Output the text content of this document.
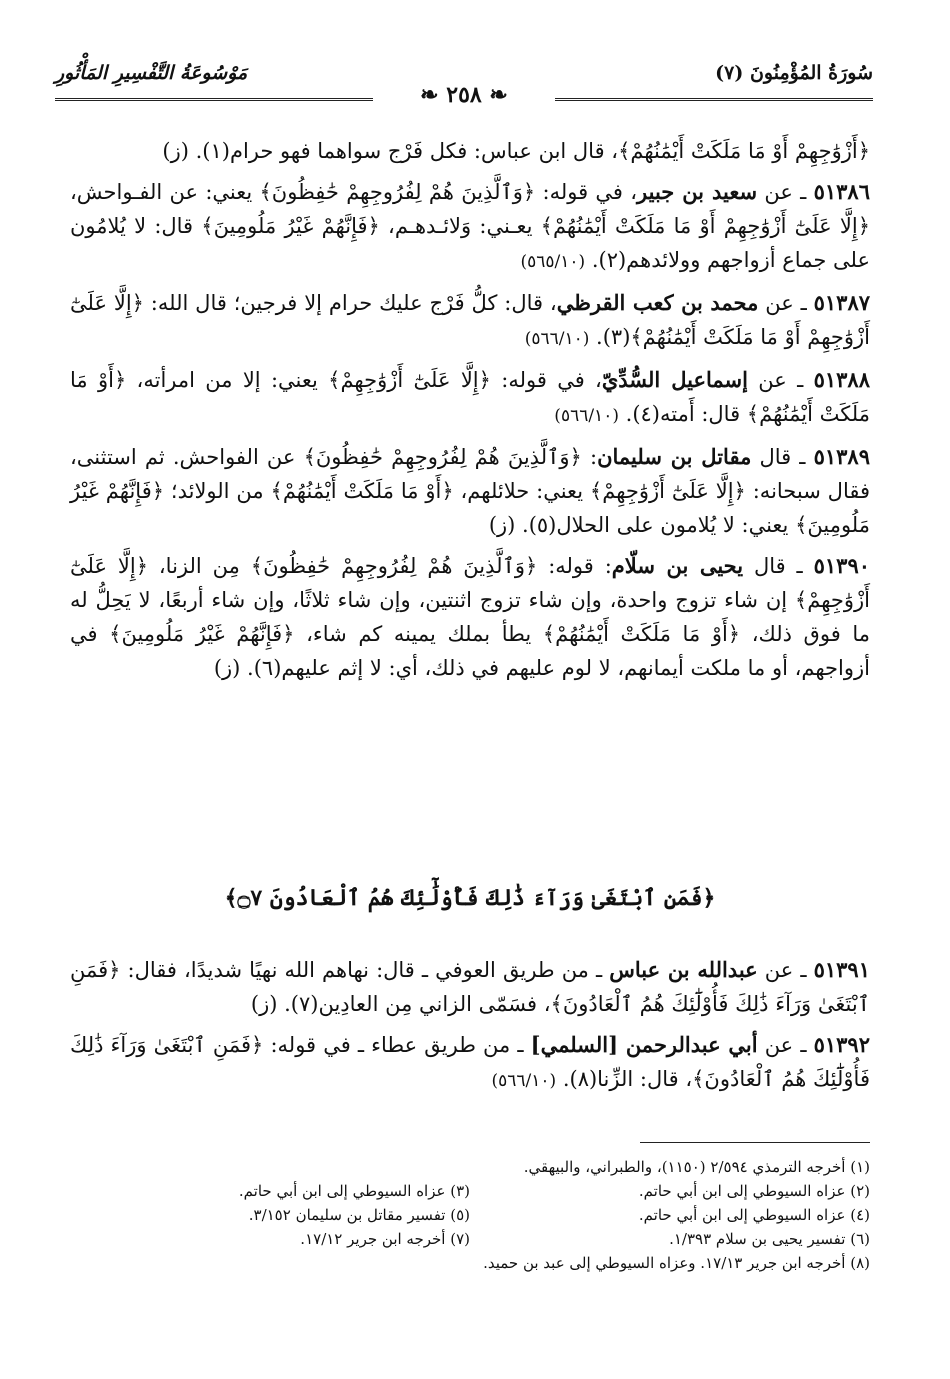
سُورَةُ المُؤْمِنُونَ (٧)
مَوْسُوعَةُ التَّفْسِيرِ المَأْثُورِ
❧ ٢٥٨ ❧

﴿أَزْوَٰجِهِمْ أَوْ مَا مَلَكَتْ أَيْمَٰنُهُمْ﴾، قال ابن عباس: فكل فَرْج سواهما فهو حرام(١). (ز)

٥١٣٨٦ ـ عن سعيد بن جبير، في قوله: ﴿وَٱلَّذِينَ هُمْ لِفُرُوجِهِمْ حَٰفِظُونَ﴾ يعني: عن الفـواحش، ﴿إِلَّا عَلَىٰٓ أَزْوَٰجِهِمْ أَوْ مَا مَلَكَتْ أَيْمَٰنُهُمْ﴾ يعـني: وَلائـدهـم، ﴿فَإِنَّهُمْ غَيْرُ مَلُومِينَ﴾ قال: لا يُلامُون على جماع أزواجهم وولائدهم(٢). (٥٦٥/١٠)

٥١٣٨٧ ـ عن محمد بن كعب القرظي، قال: كلُّ فَرْج عليك حرام إلا فرجين؛ قال الله: ﴿إِلَّا عَلَىٰٓ أَزْوَٰجِهِمْ أَوْ مَا مَلَكَتْ أَيْمَٰنُهُمْ﴾(٣). (٥٦٦/١٠)

٥١٣٨٨ ـ عن إسماعيل السُّدِّيّ، في قوله: ﴿إِلَّا عَلَىٰٓ أَزْوَٰجِهِمْ﴾ يعني: إلا من امرأته، ﴿أَوْ مَا مَلَكَتْ أَيْمَٰنُهُمْ﴾ قال: أَمته(٤). (٥٦٦/١٠)

٥١٣٨٩ ـ قال مقاتل بن سليمان: ﴿وَٱلَّذِينَ هُمْ لِفُرُوجِهِمْ حَٰفِظُونَ﴾ عن الفواحش. ثم استثنى، فقال سبحانه: ﴿إِلَّا عَلَىٰٓ أَزْوَٰجِهِمْ﴾ يعني: حلائلهم، ﴿أَوْ مَا مَلَكَتْ أَيْمَٰنُهُمْ﴾ من الولائد؛ ﴿فَإِنَّهُمْ غَيْرُ مَلُومِينَ﴾ يعني: لا يُلامون على الحلال(٥). (ز)

٥١٣٩٠ ـ قال يحيى بن سلّام: قوله: ﴿وَٱلَّذِينَ هُمْ لِفُرُوجِهِمْ حَٰفِظُونَ﴾ مِن الزنا، ﴿إِلَّا عَلَىٰٓ أَزْوَٰجِهِمْ﴾ إن شاء تزوج واحدة، وإن شاء تزوج اثنتين، وإن شاء ثلاثًا، وإن شاء أربعًا، لا يَحِلُّ له ما فوق ذلك، ﴿أَوْ مَا مَلَكَتْ أَيْمَٰنُهُمْ﴾ يطأ بملك يمينه كم شاء، ﴿فَإِنَّهُمْ غَيْرُ مَلُومِينَ﴾ في أزواجهم، أو ما ملكت أيمانهم، لا لوم عليهم في ذلك، أي: لا إثم عليهم(٦). (ز)

﴿فَمَنِ ٱبْتَغَىٰ وَرَآءَ ذَٰلِكَ فَأُوْلَٰٓئِكَ هُمُ ٱلْعَادُونَ ۝٧﴾

٥١٣٩١ ـ عن عبدالله بن عباس ـ من طريق العوفي ـ قال: نهاهم الله نهيًا شديدًا، فقال: ﴿فَمَنِ ٱبْتَغَىٰ وَرَآءَ ذَٰلِكَ فَأُوْلَٰٓئِكَ هُمُ ٱلْعَادُونَ﴾، فسَمّى الزاني مِن العادِين(٧). (ز)

٥١٣٩٢ ـ عن أبي عبدالرحمن [السلمي] ـ من طريق عطاء ـ في قوله: ﴿فَمَنِ ٱبْتَغَىٰ وَرَآءَ ذَٰلِكَ فَأُوْلَٰٓئِكَ هُمُ ٱلْعَادُونَ﴾، قال: الزِّنا(٨). (٥٦٦/١٠)

(١) أخرجه الترمذي ٢/٥٩٤ (١١٥٠)، والطبراني، والبيهقي.
(٢) عزاه السيوطي إلى ابن أبي حاتم.
(٣) عزاه السيوطي إلى ابن أبي حاتم.
(٤) عزاه السيوطي إلى ابن أبي حاتم.
(٥) تفسير مقاتل بن سليمان ٣/١٥٢.
(٦) تفسير يحيى بن سلام ١/٣٩٣.
(٧) أخرجه ابن جرير ١٧/١٢.
(٨) أخرجه ابن جرير ١٧/١٣. وعزاه السيوطي إلى عبد بن حميد.
